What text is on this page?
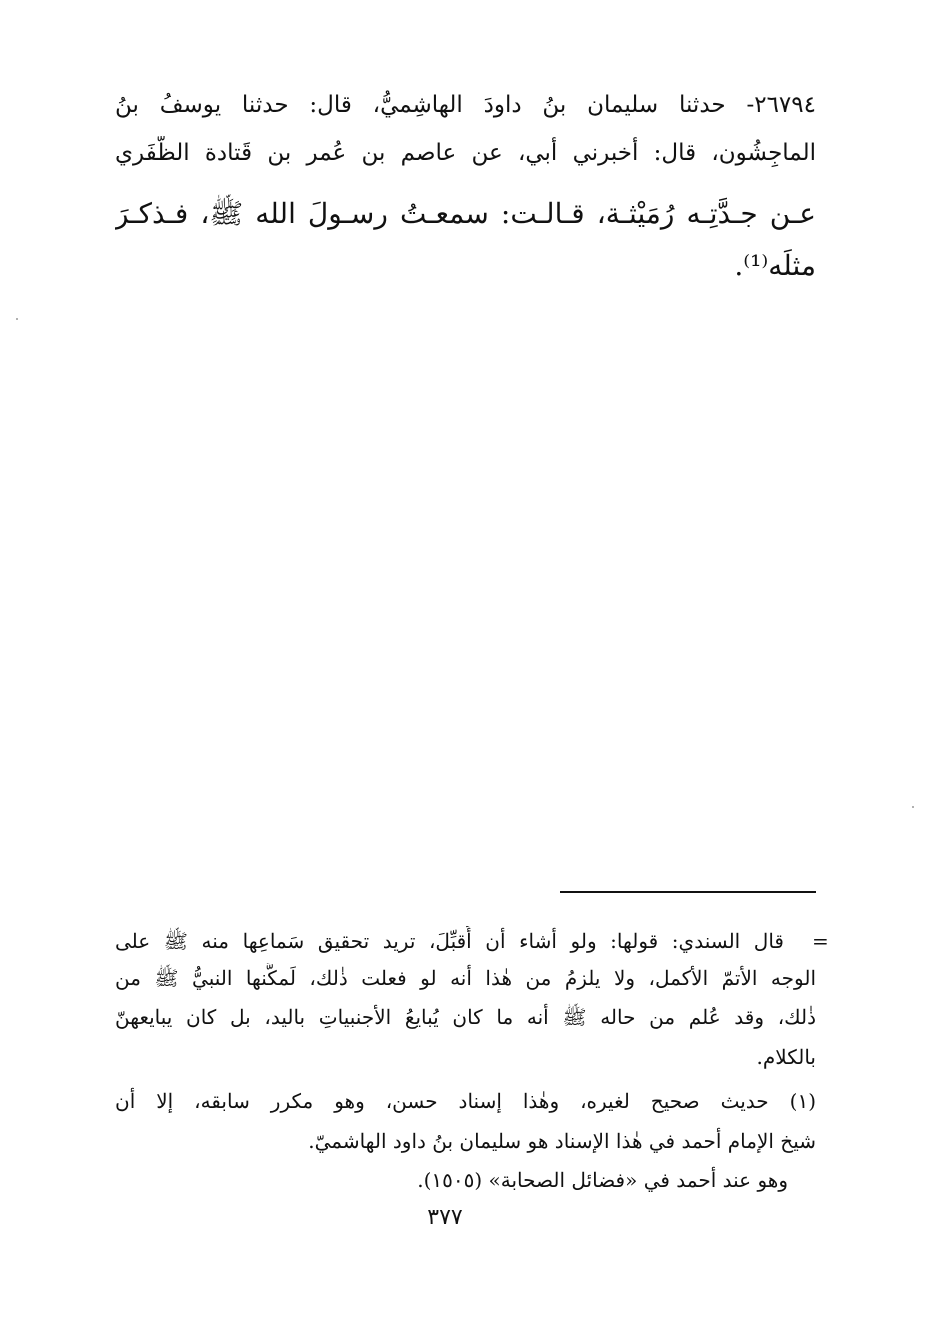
٢٦٧٩٤- حدثنا سليمان بنُ داودَ الهاشِميُّ، قال: حدثنا يوسفُ بنُ
الماجِشُون، قال: أخبرني أبي، عن عاصم بن عُمر بن قَتادة الظَّفَري
عـن جـدَّتِـه رُمَيْثـة، قـالـت: سمعـتُ رسـولَ الله ﷺ، فـذكـرَ
مثلَه⁽¹⁾.
=
قال السندي: قولها: ولو أشاء أن أُقبِّلَ، تريد تحقيق سَماعِها منه ﷺ على
الوجه الأتمّ الأكمل، ولا يلزمُ من هٰذا أنه لو فعلت ذٰلك، لَمكَّنها النبيُّ ﷺ من
ذٰلك، وقد عُلم من حاله ﷺ أنه ما كان يُبايعُ الأجنبياتِ باليد، بل كان يبايعهنّ
بالكلام.
(١) حديث صحيح لغيره، وهٰذا إسناد حسن، وهو مكرر سابقه، إلا أن
شيخ الإمام أحمد في هٰذا الإسناد هو سليمان بنُ داود الهاشميّ.
وهو عند أحمد في «فضائل الصحابة» (١٥٠٥).
٣٧٧
